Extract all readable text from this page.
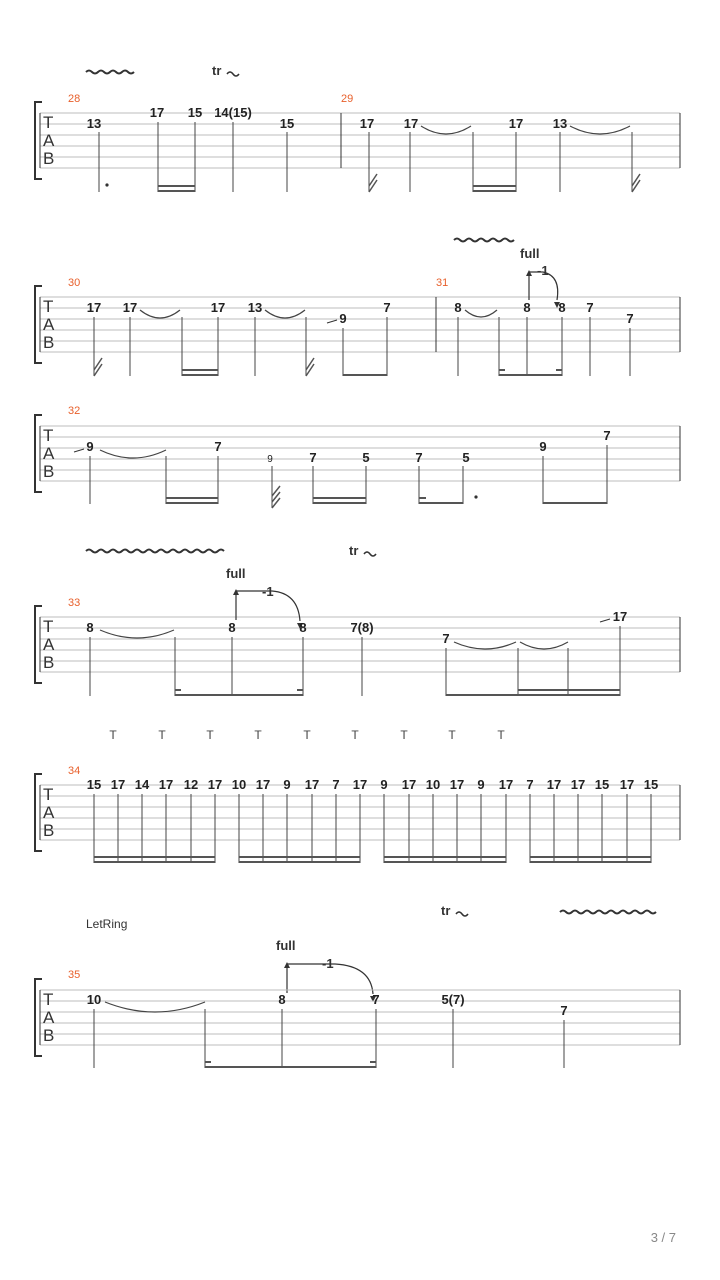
T
A
B
28	29
tr
13
17 15 14(15)
15	17 17	17 13
T
A
B
30	31
full
-1
17 17	17 13
9
7	8	8 8 7
7
T
A
B
32
9	7
9	7	5	7	5
9
7
T
A
B
33
tr
full
-1
8	8	8	7(8)
7
17
T	T	T	T	T	T	T	T	T
T
A
B
34
15 17 14 17 12 17 10 17 9 17 7 17 9 17 10 17 9 17 7 17 17 15 17 15
LetRing
tr
full
-1
T
A
B
35
10	8	7	5(7)
7
3 / 7
